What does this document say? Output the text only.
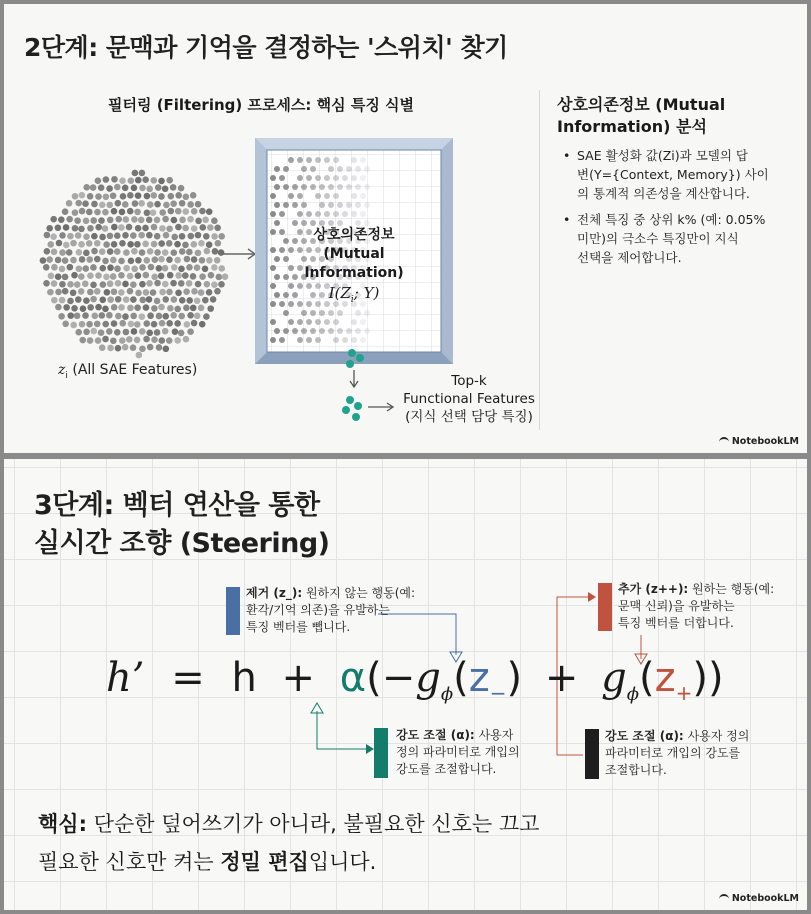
2단계: 문맥과 기억을 결정하는 '스위치' 찾기
필터링 (Filtering) 프로세스: 핵심 특징 식별
$z_i$ (All SAE Features)
상호의존정보
(Mutual Information)
$I(Z_i$; Y)
Top-k
Functional Features
(지식 선택 담당 특징)
상호의존정보 (Mutual
Information) 분석
• SAE 활성화 값(Zi)과 모델의 답
변(Y={Context, Memory}) 사이
의 통계적 의존성을 계산합니다.
• 전체 특징 중 상위 k% (예: 0.05%
미만)의 극소수 특징만이 지식
선택을 제어합니다.
NotebookLM
3단계: 벡터 연산을 통한
실시간 조향 (Steering)
제거 (z_): 원하지 않는 행동(예:
환각/기억 의존)을 유발하는
특징 벡터를 뺍니다.
추가 (z++): 원하는 행동(예:
문맥 신뢰)을 유발하는
특징 벡터를 더합니다.
h’ = $h + \alpha(-g_\phi(z_-) + g_\phi(z_+))$
강도 조절 (α): 사용자
정의 파라미터로 개입의
강도를 조절합니다.
강도 조절 (α): 사용자 정의
파라미터로 개입의 강도를
조절합니다.
핵심: 단순한 덮어쓰기가 아니라, 불필요한 신호는 끄고
필요한 신호만 켜는 정밀 편집입니다.
NotebookLM
